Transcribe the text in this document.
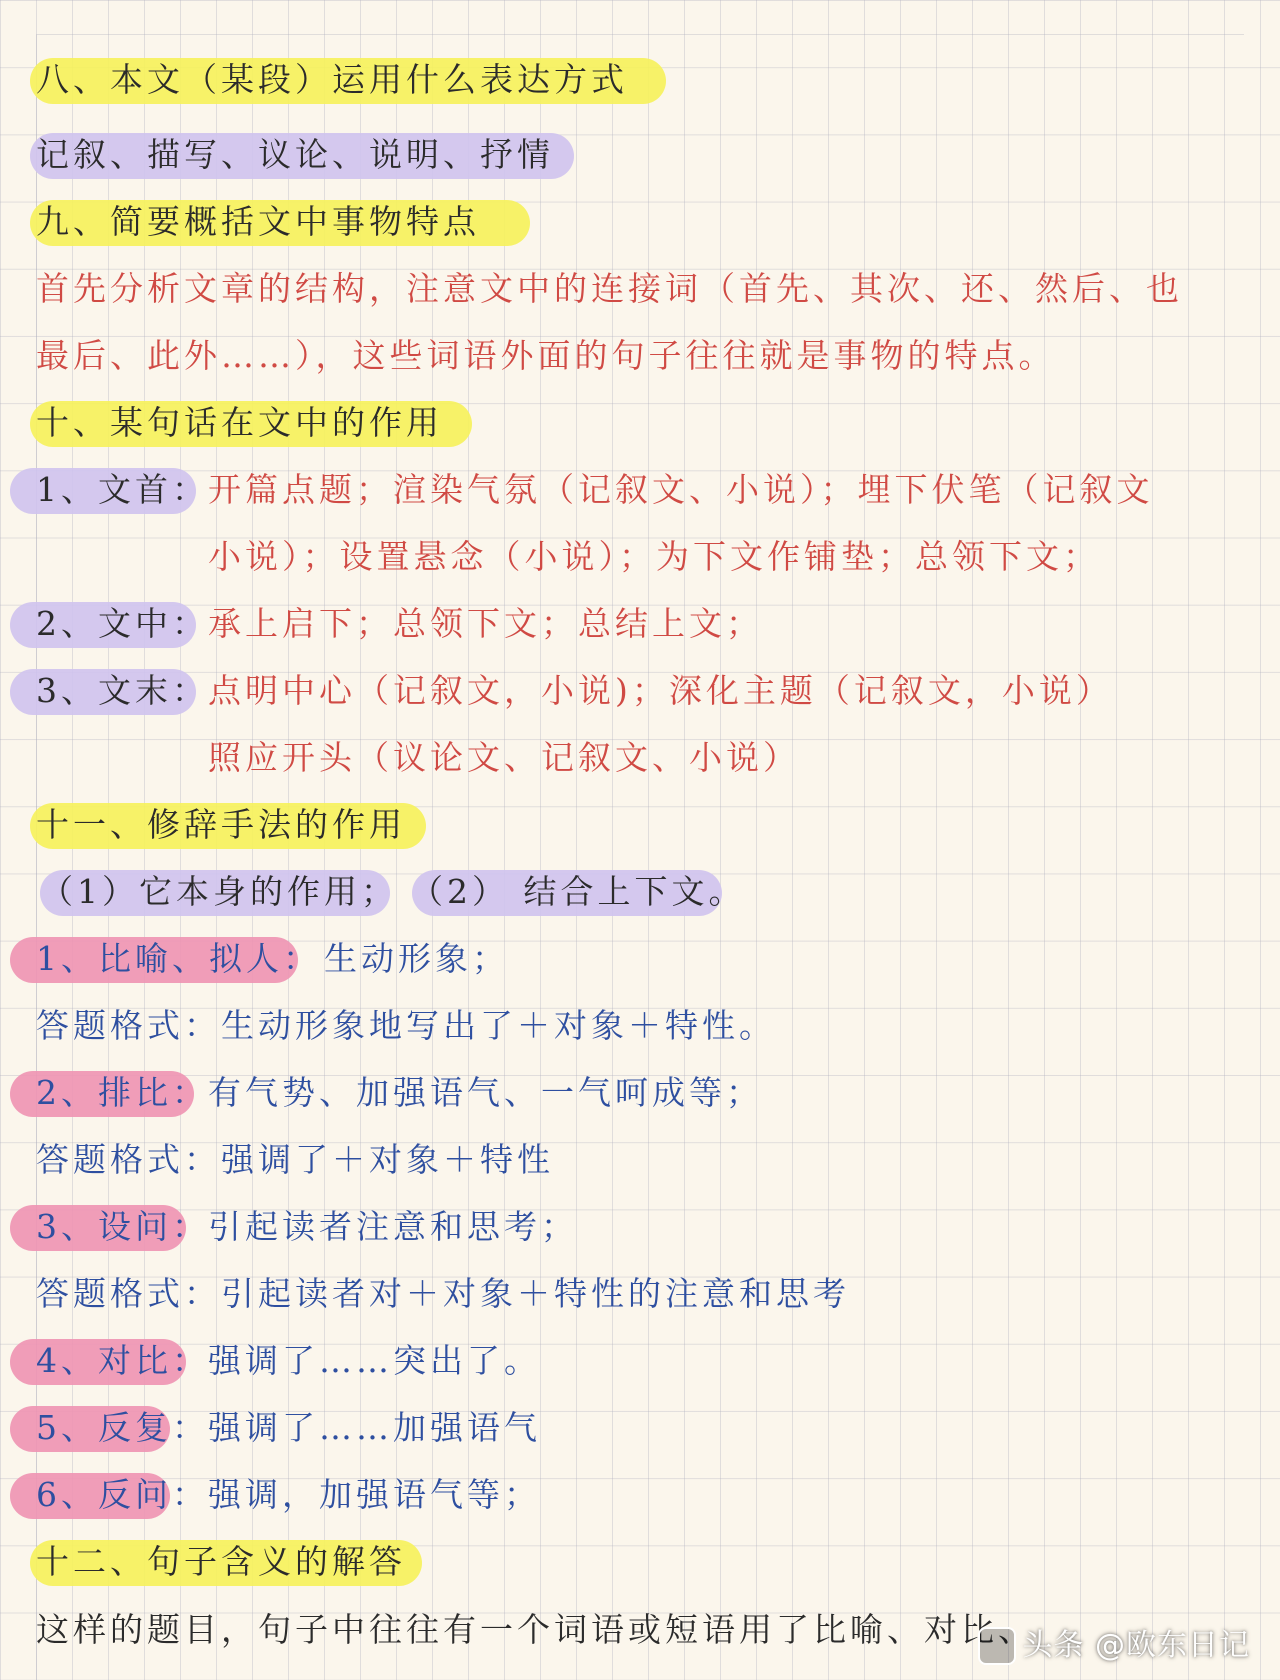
八、本文（某段）运用什么表达方式
记叙、描写、议论、说明、抒情
九、简要概括文中事物特点
首先分析文章的结构，注意文中的连接词（首先、其次、还、然后、也
最后、此外……），这些词语外面的句子往往就是事物的特点。
十、某句话在文中的作用
1、文首： 开篇点题；渲染气氛（记叙文、小说）；埋下伏笔（记叙文
小说）；设置悬念（小说）；为下文作铺垫；总领下文；
2、文中： 承上启下；总领下文；总结上文；
3、文末： 点明中心（记叙文，小说)；深化主题（记叙文，小说）
照应开头（议论文、记叙文、小说）
十一、修辞手法的作用
（1）它本身的作用； （2） 结合上下文。
1、比喻、拟人： 生动形象；
答题格式：生动形象地写出了＋对象＋特性。
2、排比： 有气势、加强语气、一气呵成等；
答题格式：强调了＋对象＋特性
3、设问： 引起读者注意和思考；
答题格式：引起读者对＋对象＋特性的注意和思考
4、对比： 强调了……突出了。
5、反复： 强调了……加强语气
6、反问： 强调，加强语气等；
十二、句子含义的解答
这样的题目，句子中往往有一个词语或短语用了比喻、对比、
头条 @欧东日记
